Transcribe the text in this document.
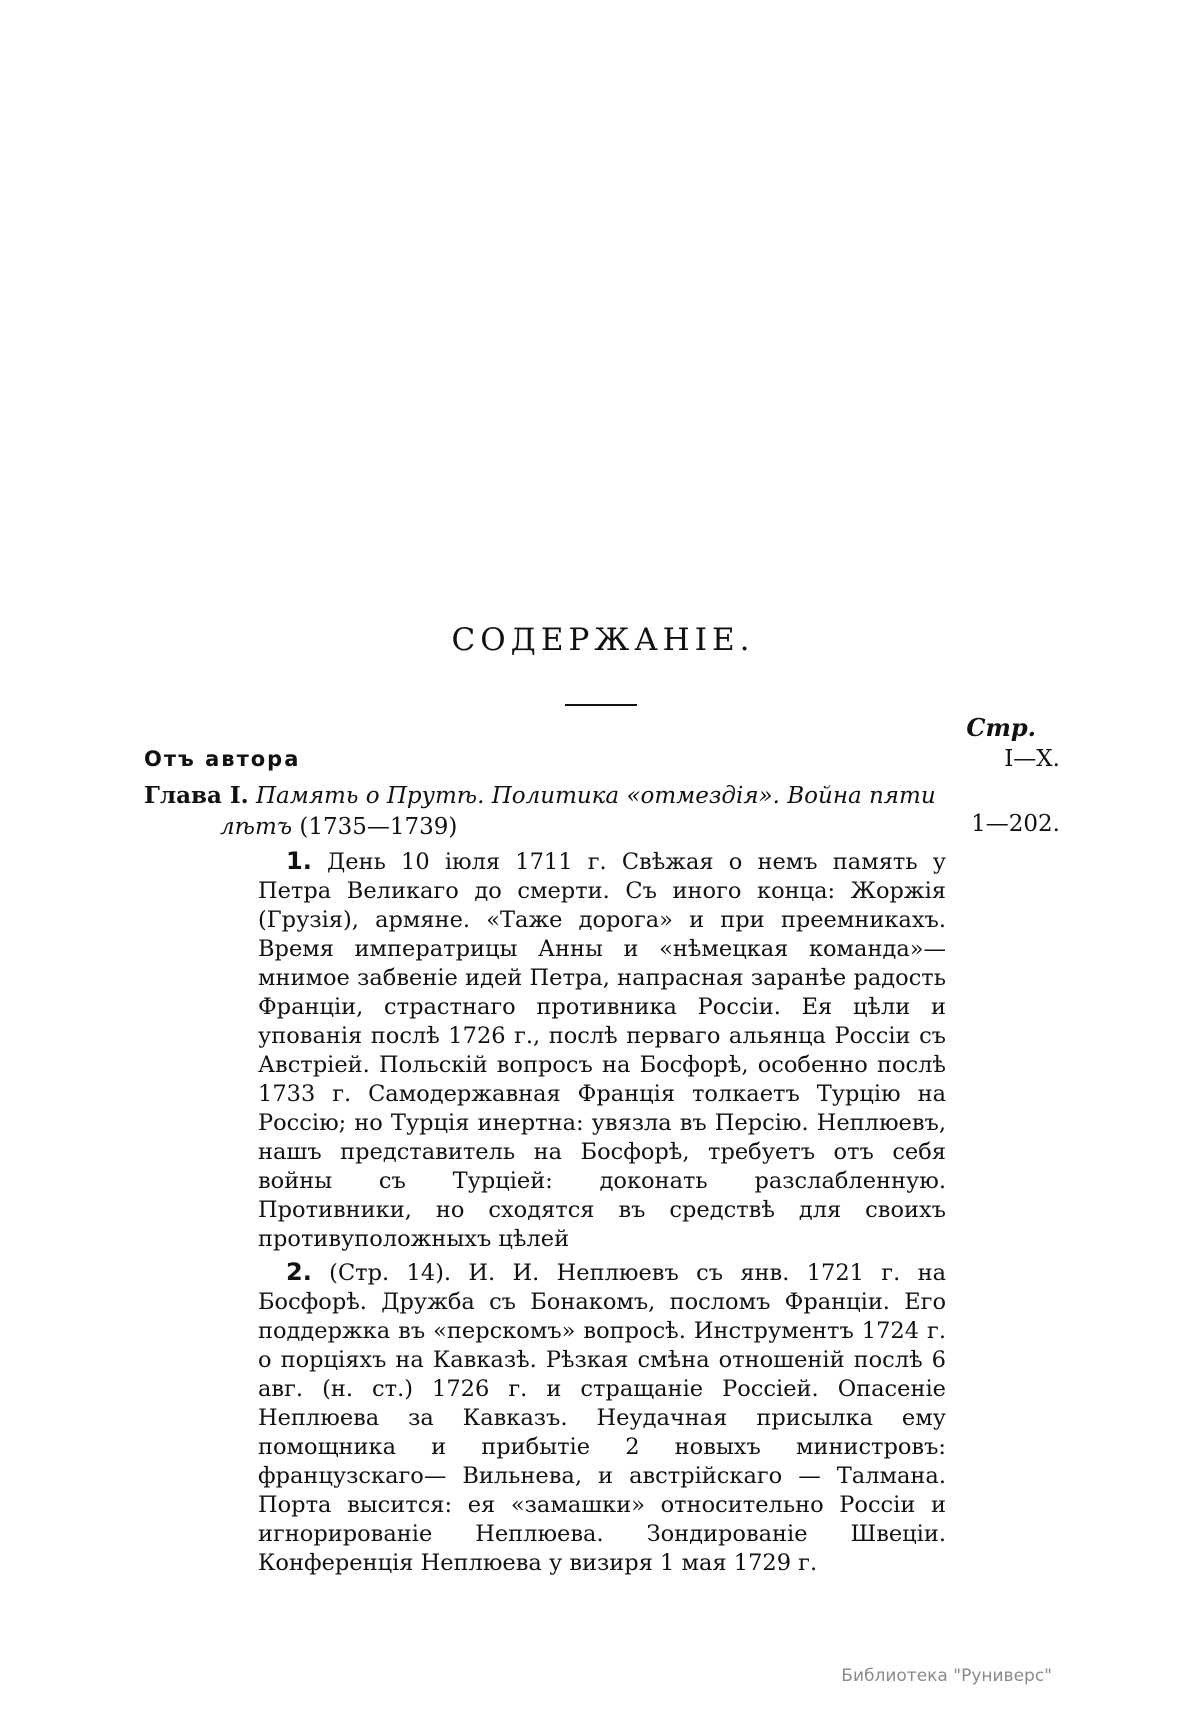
СОДЕРЖАНІЕ.
Стр.
Отъ автора	I—X.
Глава I. Память о Прутѣ. Политика «отмездія». Война пяти
лѣтъ (1735—1739)	1—202.
1. День 10 іюля 1711 г. Свѣжая о немъ память у Петра Великаго до смерти. Съ иного конца: Жоржія (Грузія), армяне. «Таже дорога» и при преемникахъ. Время императрицы Анны и «нѣмецкая команда»—мнимое забвеніе идей Петра, напрасная заранѣе радость Франціи, страстнаго противника Россіи. Ея цѣли и упованія послѣ 1726 г., послѣ перваго альянца Россіи съ Австріей. Польскій вопросъ на Босфорѣ, особенно послѣ 1733 г. Самодержавная Франція толкаетъ Турцію на Россію; но Турція инертна: увязла въ Персію. Неплюевъ, нашъ представитель на Босфорѣ, требуетъ отъ себя войны съ Турціей: доконать разслабленную. Противники, но сходятся въ средствѣ для своихъ противуположныхъ цѣлей
2. (Стр. 14). И. И. Неплюевъ съ янв. 1721 г. на Босфорѣ. Дружба съ Бонакомъ, посломъ Франціи. Его поддержка въ «перскомъ» вопросѣ. Инструментъ 1724 г. о порціяхъ на Кавказѣ. Рѣзкая смѣна отношеній послѣ 6 авг. (н. ст.) 1726 г. и стращаніе Россіей. Опасеніе Неплюева за Кавказъ. Неудачная присылка ему помощника и прибытіе 2 новыхъ министровъ: французскаго— Вильнева, и австрійскаго — Талмана. Порта высится: ея «замашки» относительно Россіи и игнорированіе Неплюева. Зондированіе Швеціи. Конференція Неплюева у визиря 1 мая 1729 г.
Библиотека "Руниверс"
